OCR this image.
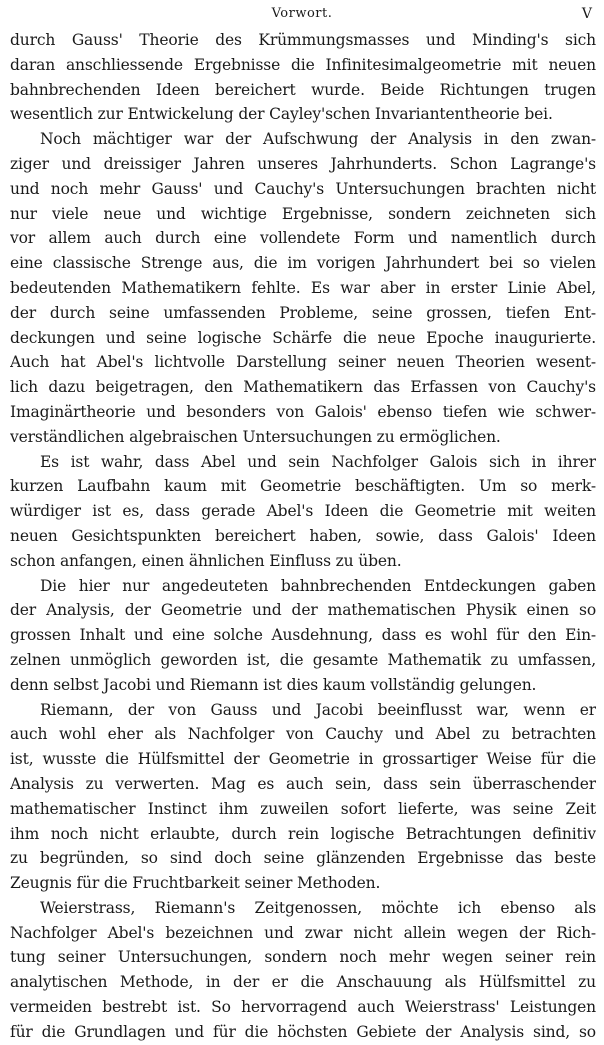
Vorwort.	V
durch Gauss' Theorie des Krümmungsmasses und Minding's sich
daran anschliessende Ergebnisse die Infinitesimalgeometrie mit neuen
bahnbrechenden Ideen bereichert wurde. Beide Richtungen trugen
wesentlich zur Entwickelung der Cayley'schen Invariantentheorie bei.
Noch mächtiger war der Aufschwung der Analysis in den zwan-
ziger und dreissiger Jahren unseres Jahrhunderts. Schon Lagrange's
und noch mehr Gauss' und Cauchy's Untersuchungen brachten nicht
nur viele neue und wichtige Ergebnisse, sondern zeichneten sich
vor allem auch durch eine vollendete Form und namentlich durch
eine classische Strenge aus, die im vorigen Jahrhundert bei so vielen
bedeutenden Mathematikern fehlte. Es war aber in erster Linie Abel,
der durch seine umfassenden Probleme, seine grossen, tiefen Ent-
deckungen und seine logische Schärfe die neue Epoche inaugurierte.
Auch hat Abel's lichtvolle Darstellung seiner neuen Theorien wesent-
lich dazu beigetragen, den Mathematikern das Erfassen von Cauchy's
Imaginärtheorie und besonders von Galois' ebenso tiefen wie schwer-
verständlichen algebraischen Untersuchungen zu ermöglichen.
Es ist wahr, dass Abel und sein Nachfolger Galois sich in ihrer
kurzen Laufbahn kaum mit Geometrie beschäftigten. Um so merk-
würdiger ist es, dass gerade Abel's Ideen die Geometrie mit weiten
neuen Gesichtspunkten bereichert haben, sowie, dass Galois' Ideen
schon anfangen, einen ähnlichen Einfluss zu üben.
Die hier nur angedeuteten bahnbrechenden Entdeckungen gaben
der Analysis, der Geometrie und der mathematischen Physik einen so
grossen Inhalt und eine solche Ausdehnung, dass es wohl für den Ein-
zelnen unmöglich geworden ist, die gesamte Mathematik zu umfassen,
denn selbst Jacobi und Riemann ist dies kaum vollständig gelungen.
Riemann, der von Gauss und Jacobi beeinflusst war, wenn er
auch wohl eher als Nachfolger von Cauchy und Abel zu betrachten
ist, wusste die Hülfsmittel der Geometrie in grossartiger Weise für die
Analysis zu verwerten. Mag es auch sein, dass sein überraschender
mathematischer Instinct ihm zuweilen sofort lieferte, was seine Zeit
ihm noch nicht erlaubte, durch rein logische Betrachtungen definitiv
zu begründen, so sind doch seine glänzenden Ergebnisse das beste
Zeugnis für die Fruchtbarkeit seiner Methoden.
Weierstrass, Riemann's Zeitgenossen, möchte ich ebenso als
Nachfolger Abel's bezeichnen und zwar nicht allein wegen der Rich-
tung seiner Untersuchungen, sondern noch mehr wegen seiner rein
analytischen Methode, in der er die Anschauung als Hülfsmittel zu
vermeiden bestrebt ist. So hervorragend auch Weierstrass' Leistungen
für die Grundlagen und für die höchsten Gebiete der Analysis sind, so
